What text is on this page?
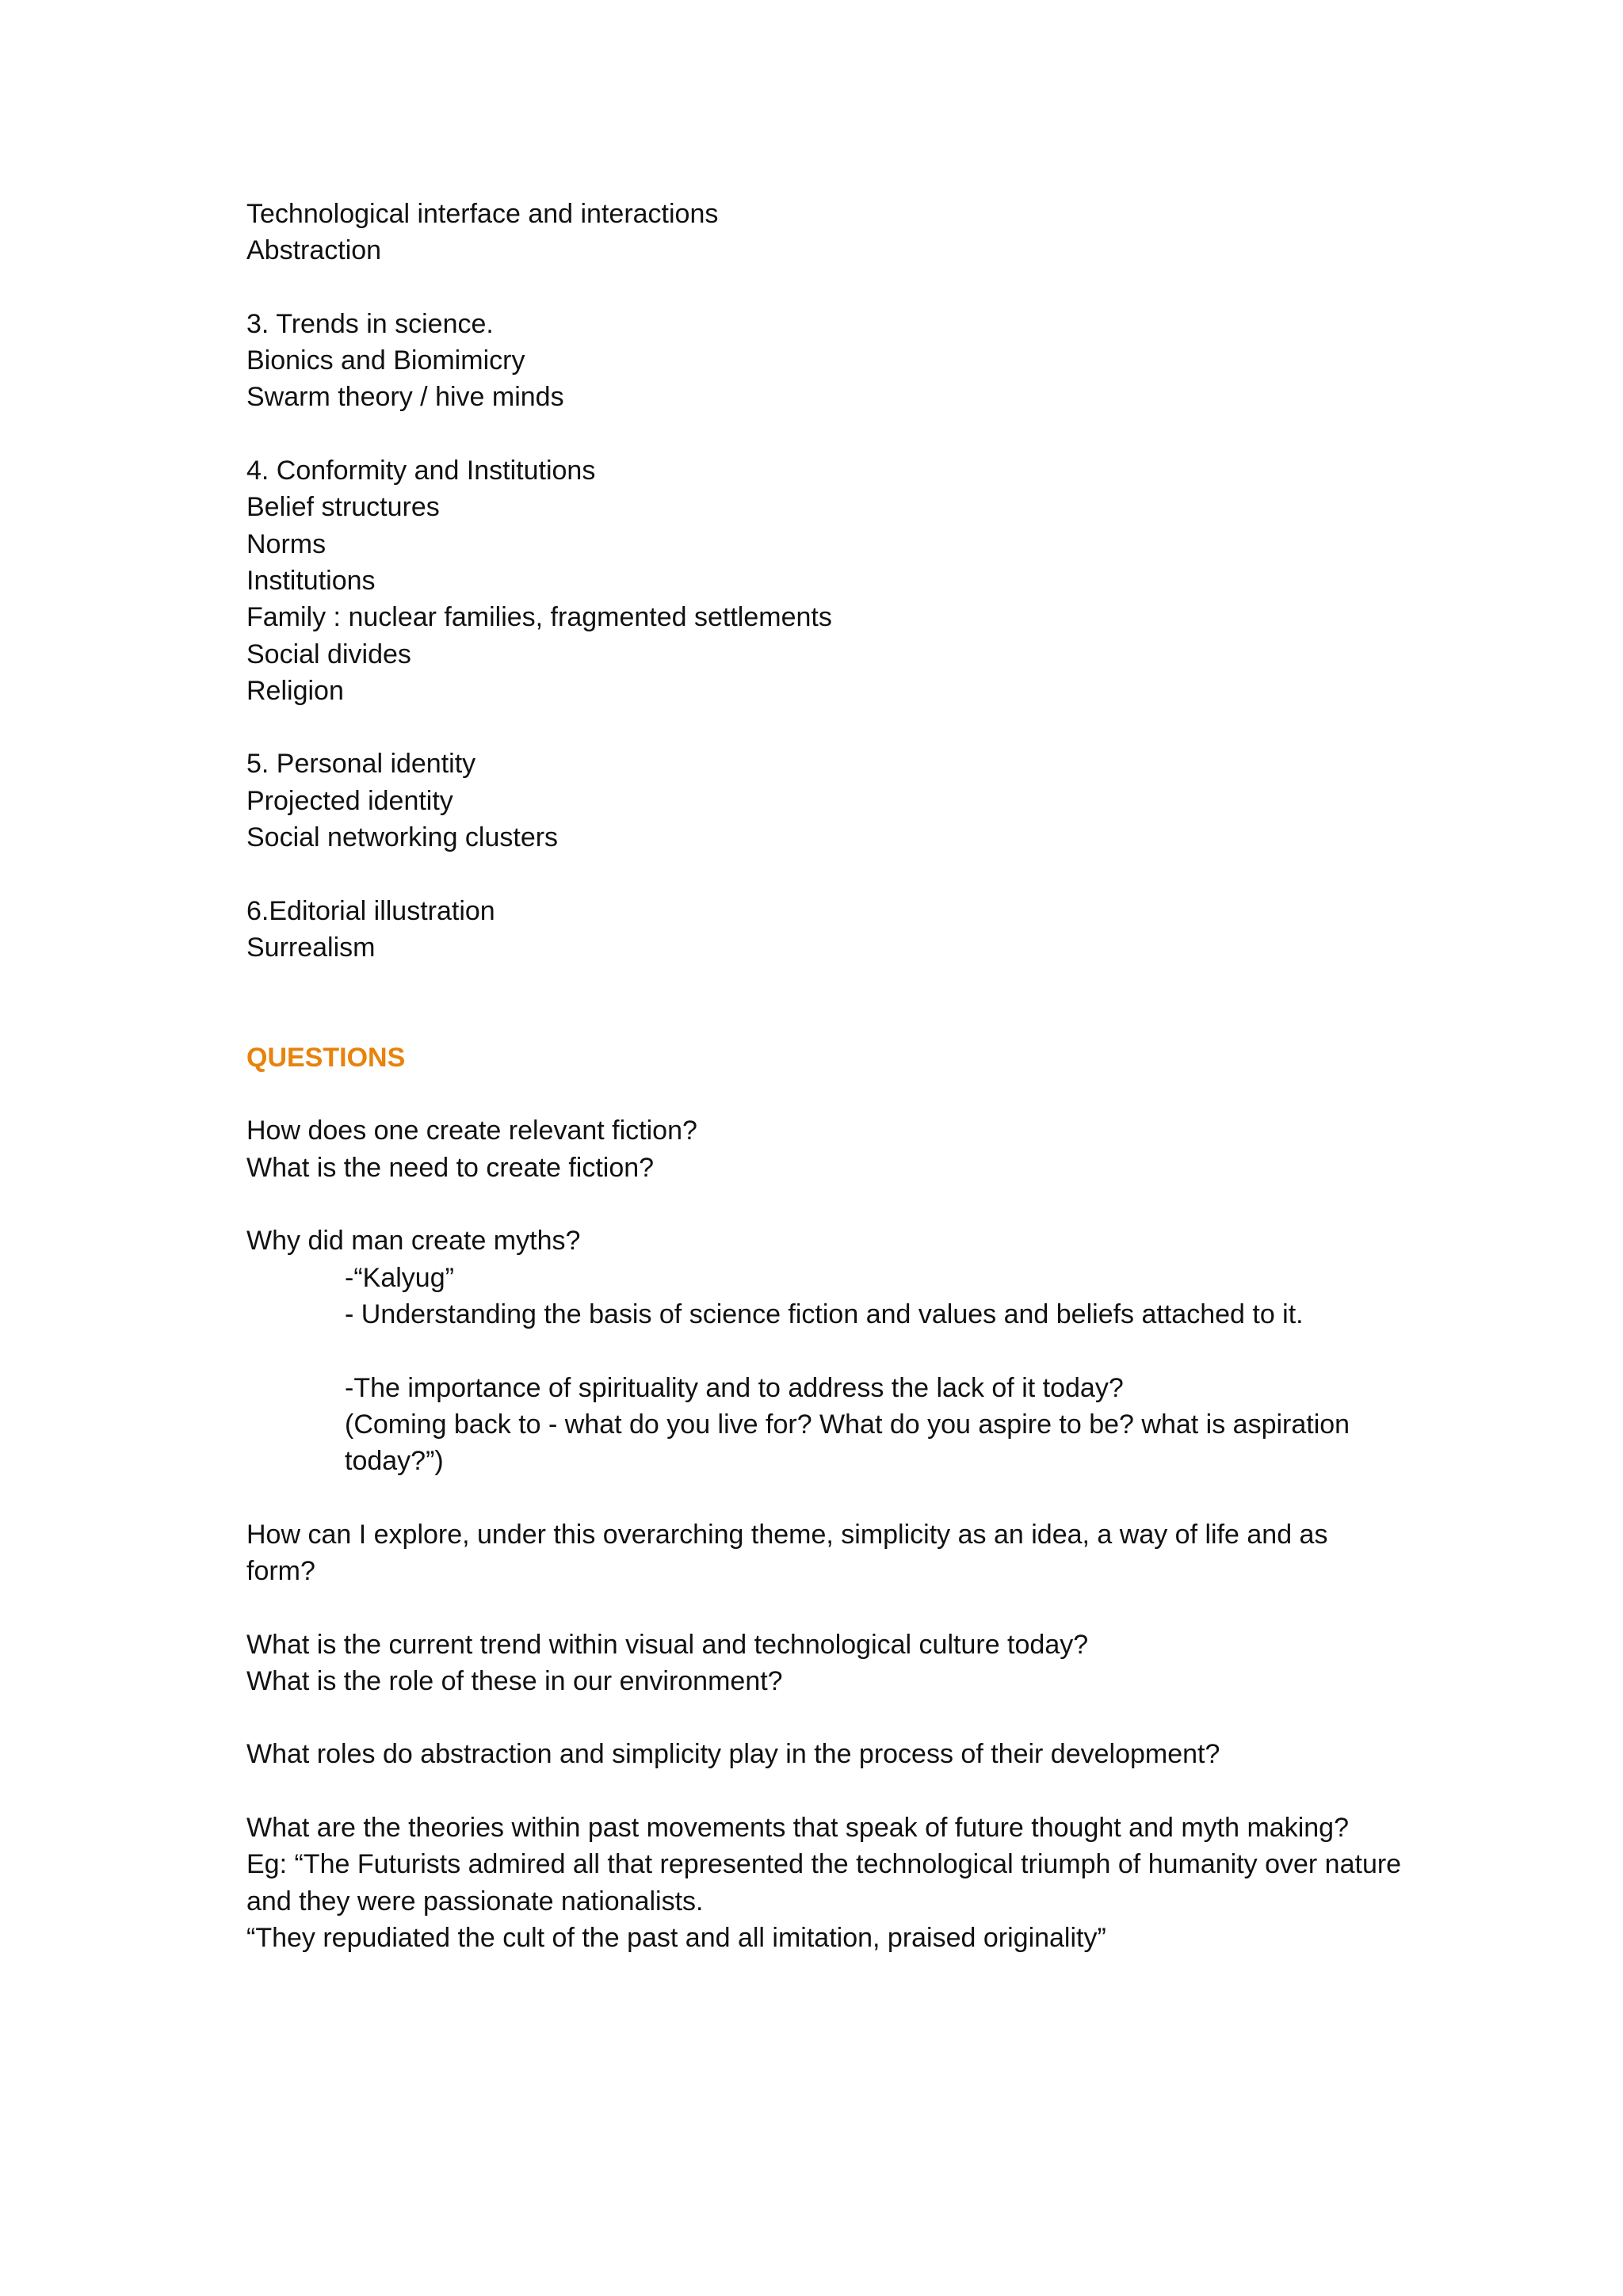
Technological interface and interactions
Abstraction
3. Trends in science.
Bionics and Biomimicry
Swarm theory / hive minds
4. Conformity and Institutions
Belief structures
Norms
Institutions
Family : nuclear families, fragmented settlements
Social divides
Religion
5. Personal identity
Projected identity
Social networking clusters
6.Editorial illustration
Surrealism
QUESTIONS
How does one create relevant fiction?
What is the need to create fiction?
Why did man create myths?
-“Kalyug”
- Understanding the basis of science fiction and values and beliefs attached to it.
-The importance of spirituality and to address the lack of it today?
(Coming back to - what do you live for? What do you aspire to be? what is aspiration today?”)
How can I explore, under this overarching theme, simplicity as an idea, a way of life and as form?
What is the current trend within visual and technological culture today?
What is the role of these in our environment?
What roles do abstraction and simplicity play in the process of their development?
What are the theories within past movements that speak of future thought and myth making?
Eg: “The Futurists admired all that represented the technological triumph of humanity over nature and they were passionate nationalists.
“They repudiated the cult of the past and all imitation, praised originality”
